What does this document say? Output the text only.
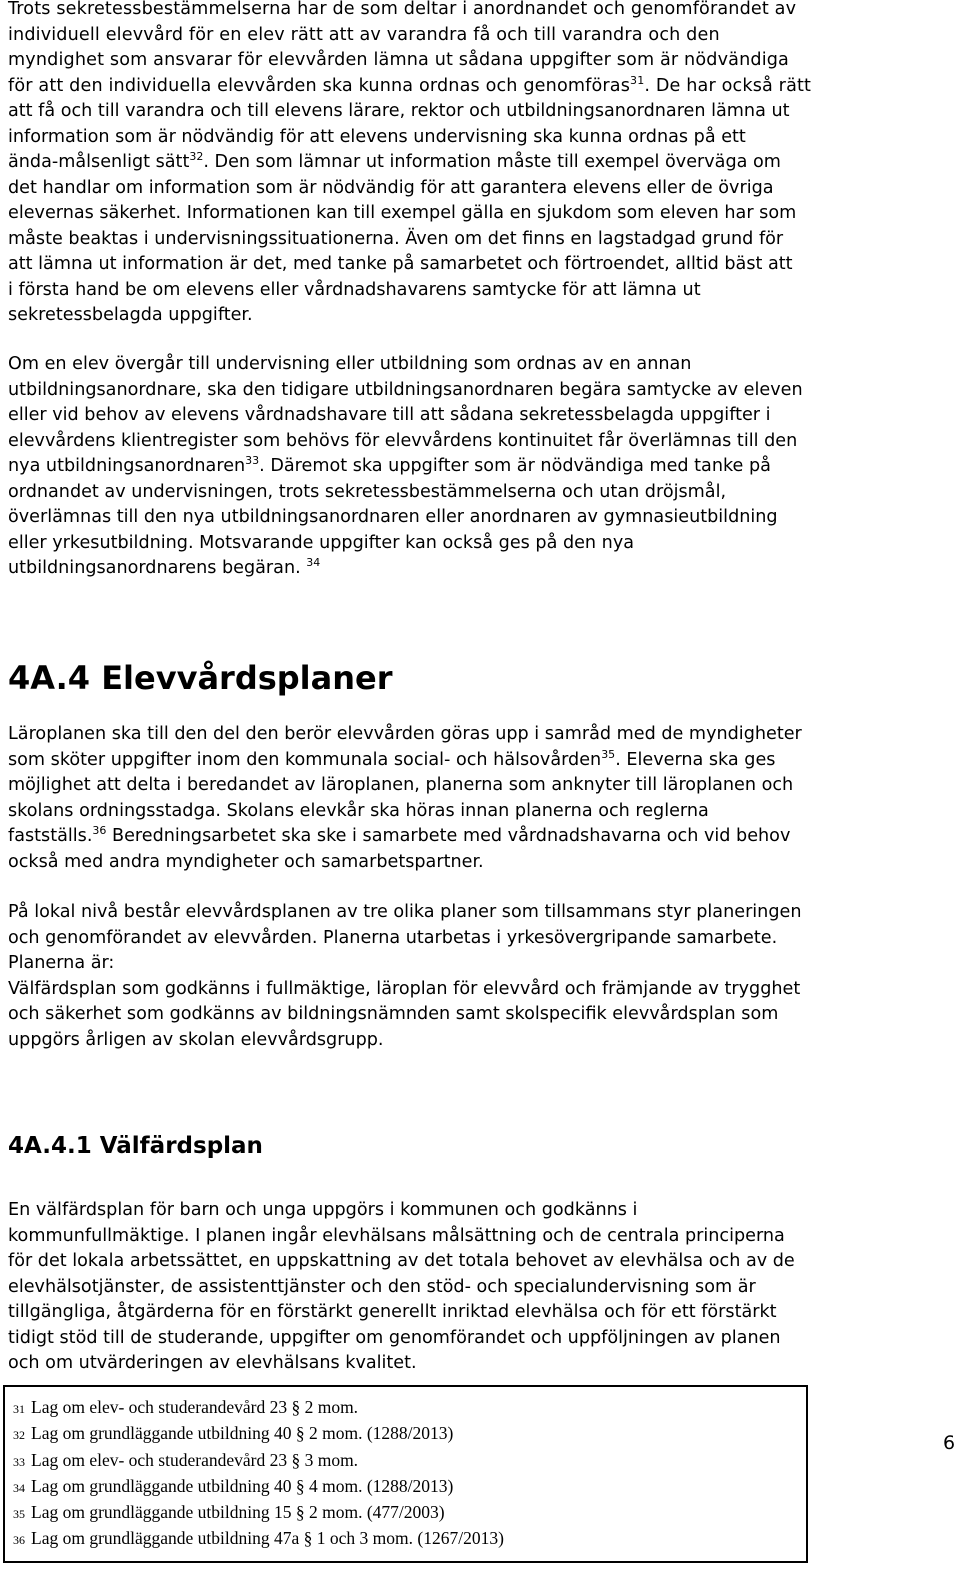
Trots sekretessbestämmelserna har de som deltar i anordnandet och genomförandet av

individuell elevvård för en elev rätt att av varandra få och till varandra och den

myndighet som ansvarar för elevvården lämna ut sådana uppgifter som är nödvändiga

för att den individuella elevvården ska kunna ordnas och genomföras$^{31}$. De har också rätt

att få och till varandra och till elevens lärare, rektor och utbildningsanordnaren lämna ut

information som är nödvändig för att elevens undervisning ska kunna ordnas på ett

ända-målsenligt sätt$^{32}$. Den som lämnar ut information måste till exempel överväga om

det handlar om information som är nödvändig för att garantera elevens eller de övriga

elevernas säkerhet. Informationen kan till exempel gälla en sjukdom som eleven har som

måste beaktas i undervisningssituationerna. Även om det finns en lagstadgad grund för

att lämna ut information är det, med tanke på samarbetet och förtroendet, alltid bäst att

i första hand be om elevens eller vårdnadshavarens samtycke för att lämna ut

sekretessbelagda uppgifter.

Om en elev övergår till undervisning eller utbildning som ordnas av en annan

utbildningsanordnare, ska den tidigare utbildningsanordnaren begära samtycke av eleven

eller vid behov av elevens vårdnadshavare till att sådana sekretessbelagda uppgifter i

elevvårdens klientregister som behövs för elevvårdens kontinuitet får överlämnas till den

nya utbildningsanordnaren$^{33}$. Däremot ska uppgifter som är nödvändiga med tanke på

ordnandet av undervisningen, trots sekretessbestämmelserna och utan dröjsmål,

överlämnas till den nya utbildningsanordnaren eller anordnaren av gymnasieutbildning

eller yrkesutbildning. Motsvarande uppgifter kan också ges på den nya

utbildningsanordnarens begäran. $^{34}$

4A.4 Elevvårdsplaner

Läroplanen ska till den del den berör elevvården göras upp i samråd med de myndigheter

som sköter uppgifter inom den kommunala social- och hälsovården$^{35}$. Eleverna ska ges

möjlighet att delta i beredandet av läroplanen, planerna som anknyter till läroplanen och

skolans ordningsstadga. Skolans elevkår ska höras innan planerna och reglerna

fastställs.$^{36}$ Beredningsarbetet ska ske i samarbete med vårdnadshavarna och vid behov

också med andra myndigheter och samarbetspartner.

På lokal nivå består elevvårdsplanen av tre olika planer som tillsammans styr planeringen

och genomförandet av elevvården. Planerna utarbetas i yrkesövergripande samarbete.

Planerna är:

Välfärdsplan som godkänns i fullmäktige, läroplan för elevvård och främjande av trygghet

och säkerhet som godkänns av bildningsnämnden samt skolspecifik elevvårdsplan som

uppgörs årligen av skolan elevvårdsgrupp.

4A.4.1 Välfärdsplan

En välfärdsplan för barn och unga uppgörs i kommunen och godkänns i

kommunfullmäktige. I planen ingår elevhälsans målsättning och de centrala principerna

för det lokala arbetssättet, en uppskattning av det totala behovet av elevhälsa och av de

elevhälsotjänster, de assistenttjänster och den stöd- och specialundervisning som är

tillgängliga, åtgärderna för en förstärkt generellt inriktad elevhälsa och för ett förstärkt

tidigt stöd till de studerande, uppgifter om genomförandet och uppföljningen av planen

och om utvärderingen av elevhälsans kvalitet.

31 Lag om elev- och studerandevård 23 § 2 mom.
32 Lag om grundläggande utbildning 40 § 2 mom. (1288/2013)
33 Lag om elev- och studerandevård 23 § 3 mom.
34 Lag om grundläggande utbildning 40 § 4 mom. (1288/2013)
35 Lag om grundläggande utbildning 15 § 2 mom. (477/2003)
36 Lag om grundläggande utbildning 47a § 1 och 3 mom. (1267/2013)
6
